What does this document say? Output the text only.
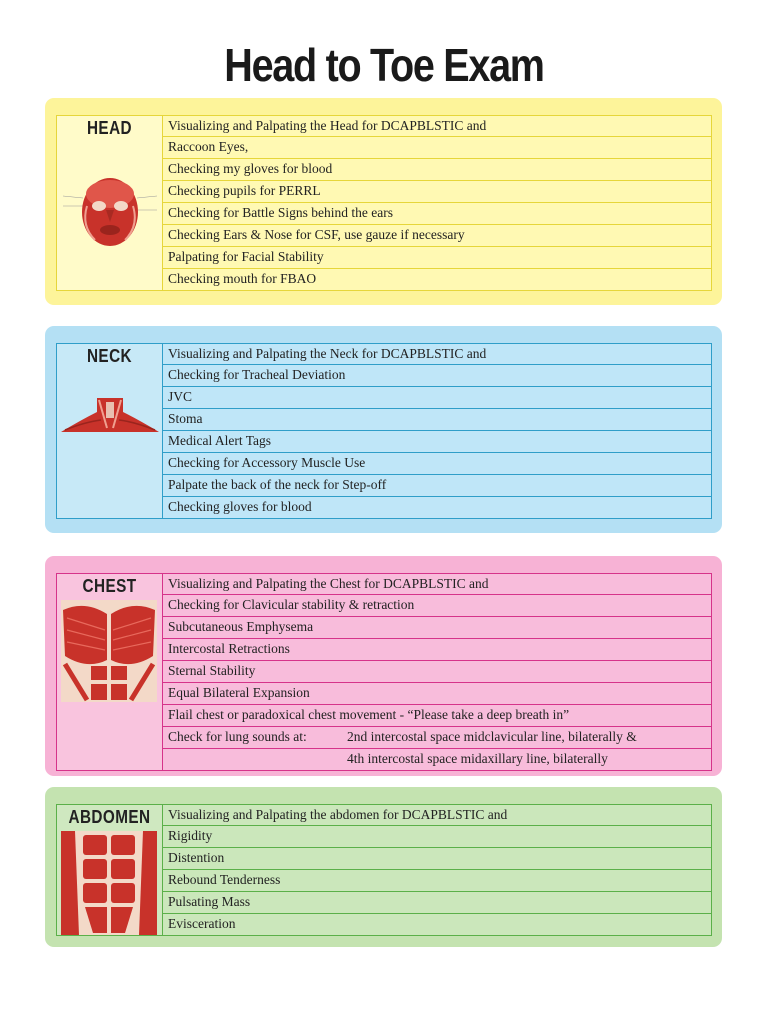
Head to Toe Exam
HEAD	Visualizing and Palpating the Head for DCAPBLSTIC and
Raccoon Eyes,
Checking my gloves for blood
Checking pupils for PERRL
Checking for Battle Signs behind the ears
Checking Ears & Nose for CSF, use gauze if necessary
Palpating for Facial Stability
Checking mouth for FBAO
NECK	Visualizing and Palpating the Neck for DCAPBLSTIC and
Checking for Tracheal Deviation
JVC
Stoma
Medical Alert Tags
Checking for Accessory Muscle Use
Palpate the back of the neck for Step-off
Checking gloves for blood
CHEST	Visualizing and Palpating the Chest for DCAPBLSTIC and
Checking for Clavicular stability & retraction
Subcutaneous Emphysema
Intercostal Retractions
Sternal Stability
Equal Bilateral Expansion
Flail chest or paradoxical chest movement - “Please take a deep breath in”
Check for lung sounds at:	2nd intercostal space midclavicular line, bilaterally &
4th intercostal space midaxillary line, bilaterally
ABDOMEN	Visualizing and Palpating the abdomen for DCAPBLSTIC and
Rigidity
Distention
Rebound Tenderness
Pulsating Mass
Evisceration
